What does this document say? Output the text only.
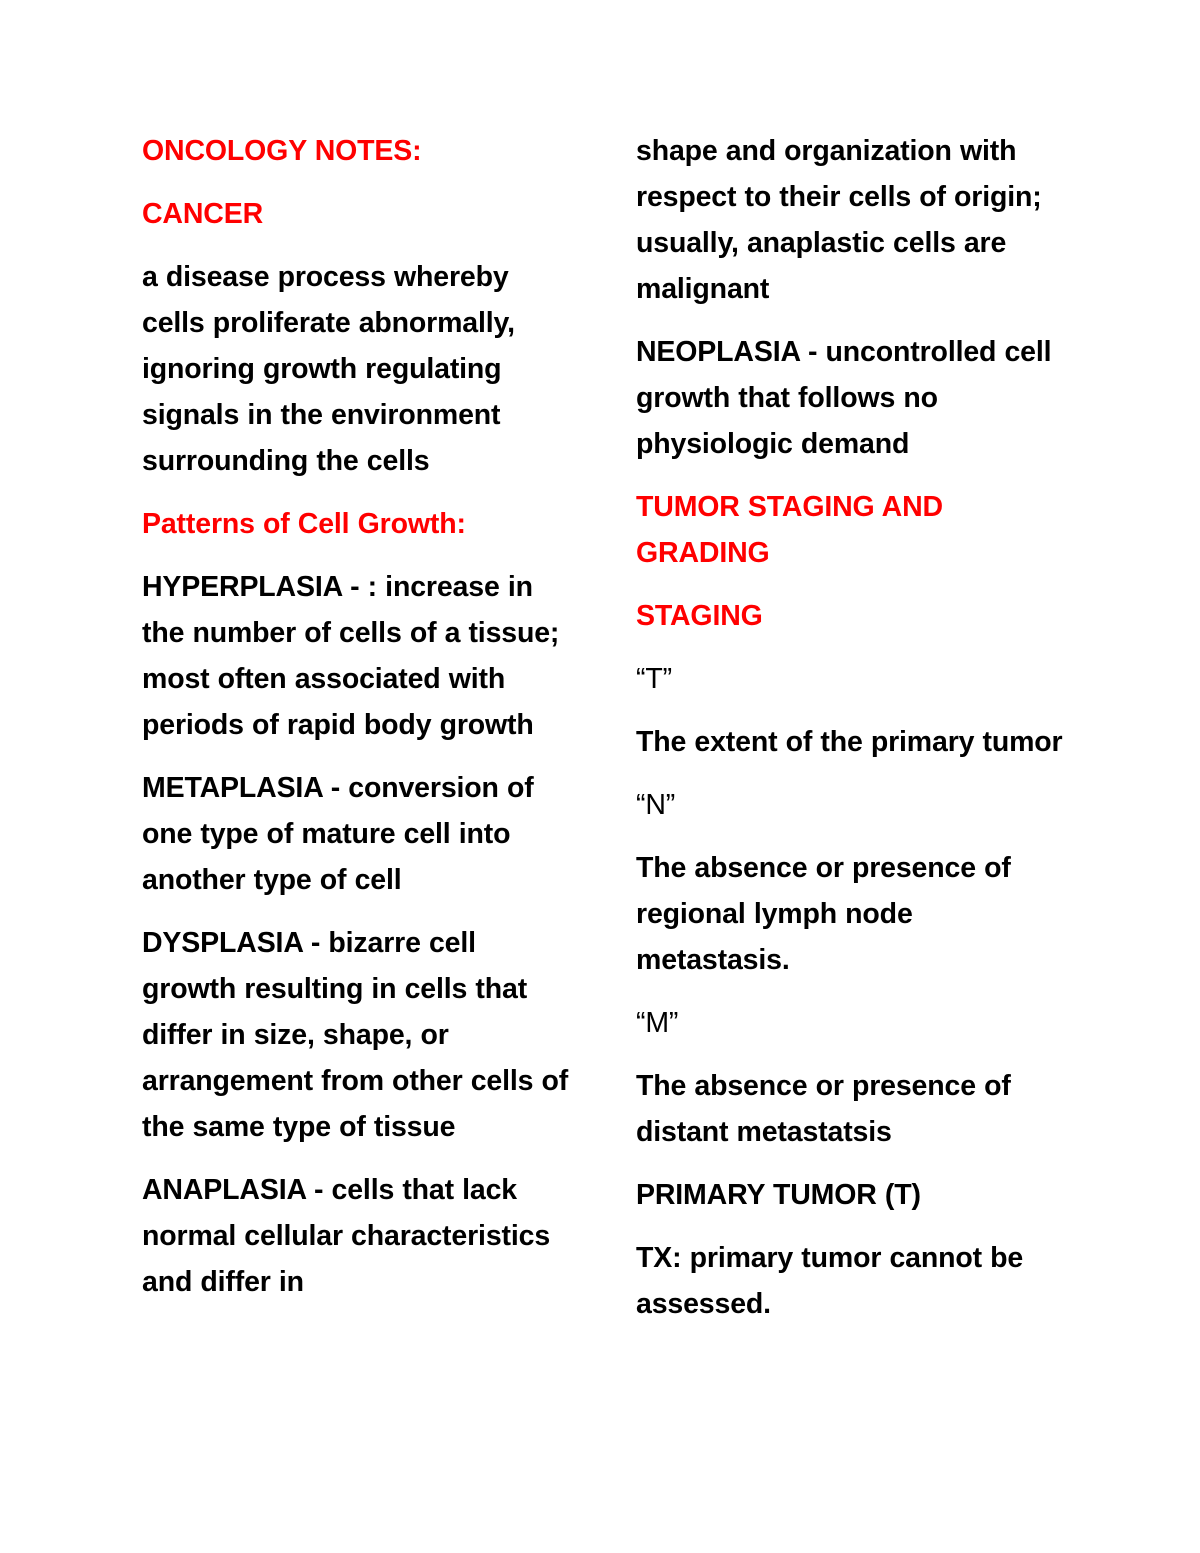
ONCOLOGY NOTES:

CANCER

a disease process whereby cells proliferate abnormally, ignoring growth regulating signals in the environment surrounding the cells

Patterns of Cell Growth:

HYPERPLASIA - : increase in the number of cells of a tissue; most often associated with periods of rapid body growth

METAPLASIA - conversion of one type of mature cell into another type of cell

DYSPLASIA - bizarre cell growth resulting in cells that differ in size, shape, or arrangement from other cells of the same type of tissue

ANAPLASIA - cells that lack normal cellular characteristics and differ in

shape and organization with respect to their cells of origin; usually, anaplastic cells are malignant

NEOPLASIA - uncontrolled cell growth that follows no physiologic demand

TUMOR STAGING AND GRADING

STAGING

“T”

The extent of the primary tumor

“N”

The absence or presence of regional lymph node metastasis.

“M”

The absence or presence of distant metastatsis

PRIMARY TUMOR (T)

TX: primary tumor cannot be assessed.
